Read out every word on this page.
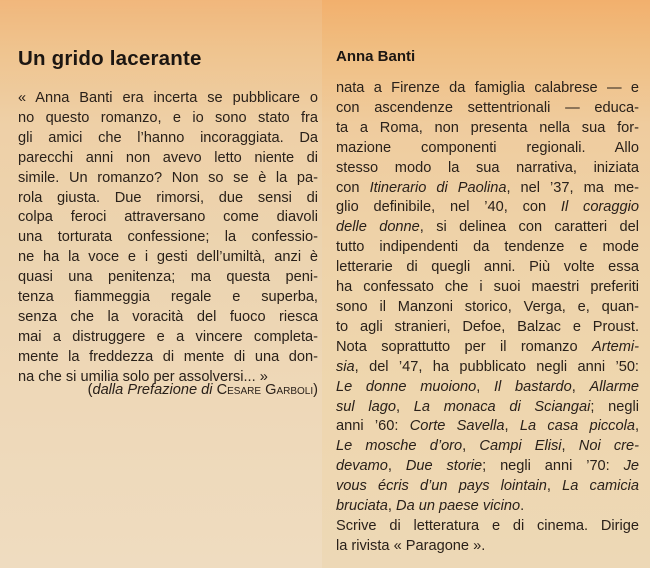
Un grido lacerante
« Anna Banti era incerta se pubblicare o
no questo romanzo, e io sono stato fra
gli amici che l’hanno incoraggiata. Da
parecchi anni non avevo letto niente di
simile. Un romanzo? Non so se è la pa-
rola giusta. Due rimorsi, due sensi di
colpa feroci attraversano come diavoli
una torturata confessione; la confessio-
ne ha la voce e i gesti dell’umiltà, anzi è
quasi una penitenza; ma questa peni-
tenza fiammeggia regale e superba,
senza che la voracità del fuoco riesca
mai a distruggere e a vincere completa-
mente la freddezza di mente di una don-
na che si umilia solo per assolversi... »
(dalla Prefazione di Cesare Garboli)
Anna Banti
nata a Firenze da famiglia calabrese — e
con ascendenze settentrionali — educa-
ta a Roma, non presenta nella sua for-
mazione componenti regionali. Allo
stesso modo la sua narrativa, iniziata
con Itinerario di Paolina, nel ’37, ma me-
glio definibile, nel ’40, con Il coraggio
delle donne, si delinea con caratteri del
tutto indipendenti da tendenze e mode
letterarie di quegli anni. Più volte essa
ha confessato che i suoi maestri preferiti
sono il Manzoni storico, Verga, e, quan-
to agli stranieri, Defoe, Balzac e Proust.
Nota soprattutto per il romanzo Artemi-
sia, del ’47, ha pubblicato negli anni ’50:
Le donne muoiono, Il bastardo, Allarme
sul lago, La monaca di Sciangai; negli
anni ’60: Corte Savella, La casa piccola,
Le mosche d’oro, Campi Elisi, Noi cre-
devamo, Due storie; negli anni ’70: Je
vous écris d’un pays lointain, La camicia
bruciata, Da un paese vicino.
Scrive di letteratura e di cinema. Dirige
la rivista « Paragone ».
